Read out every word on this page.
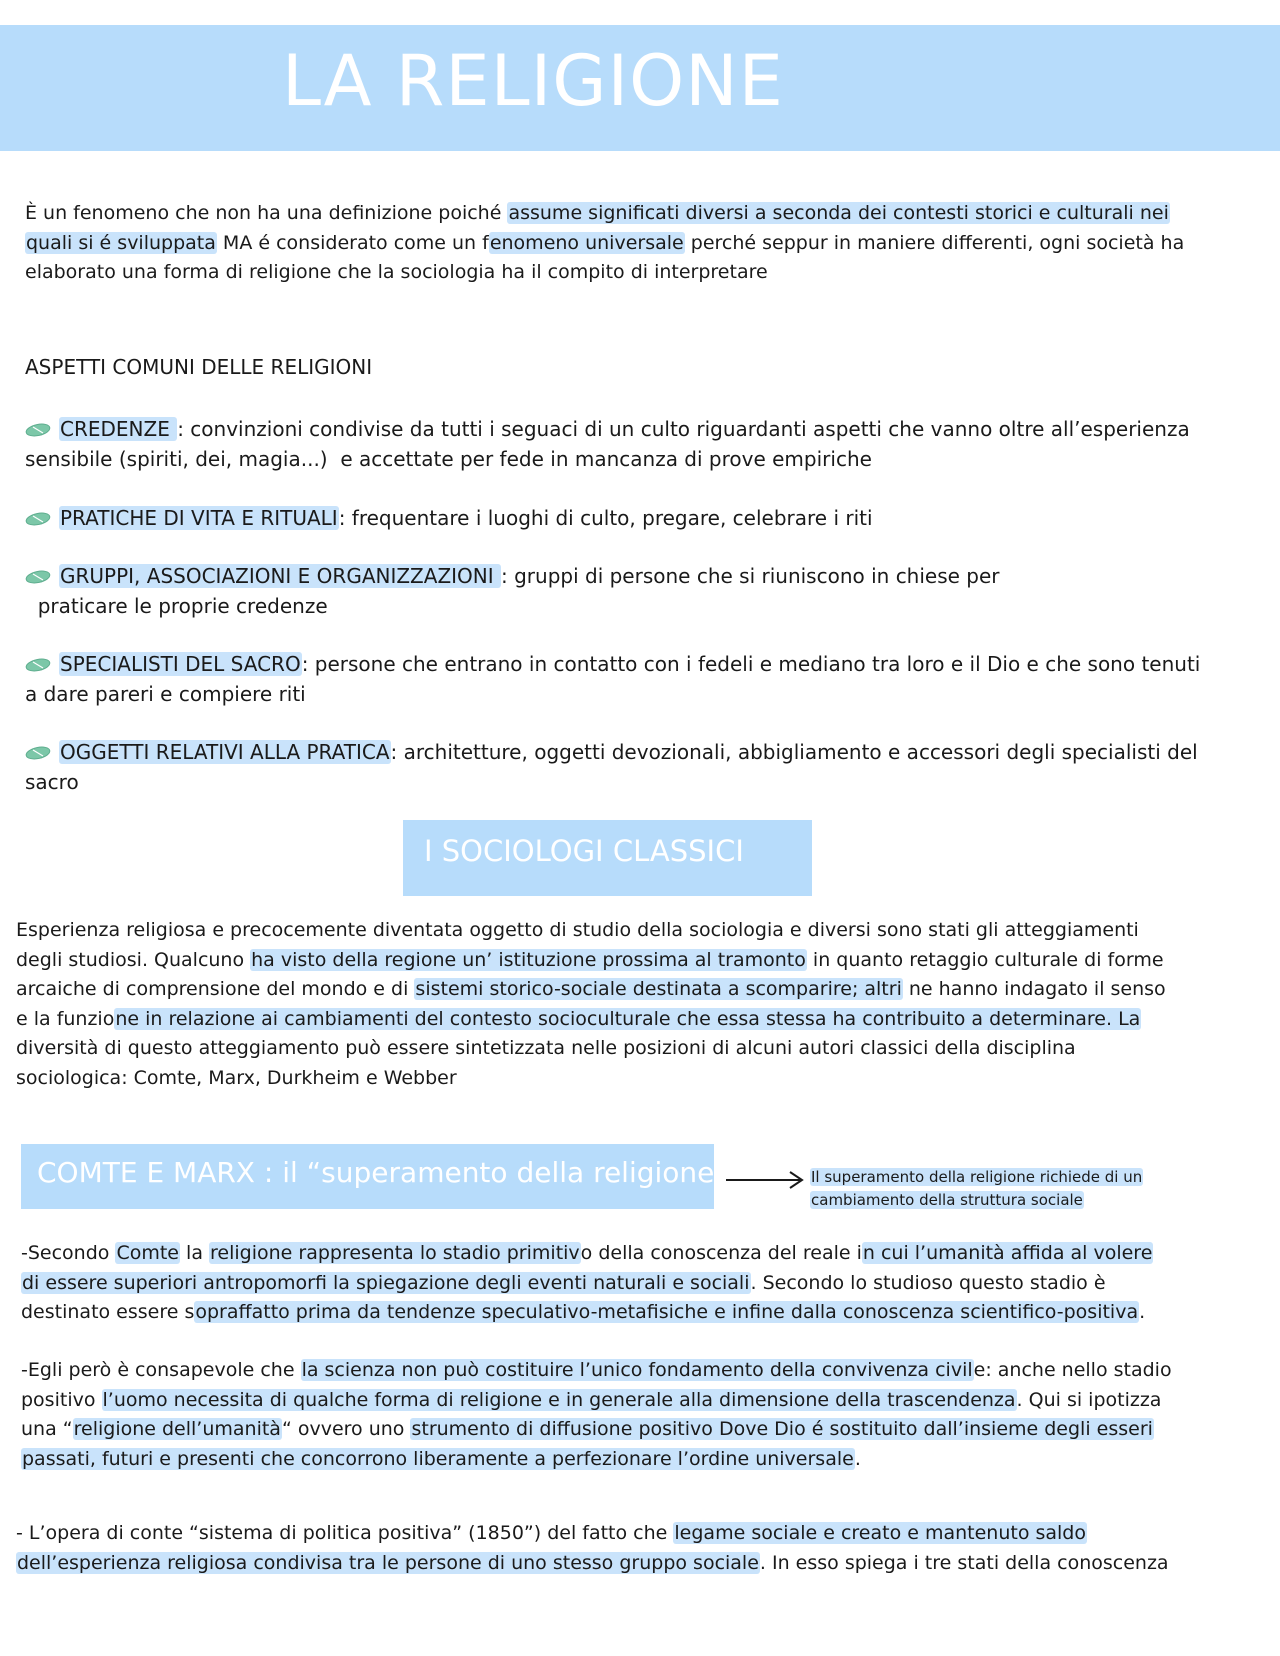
LA RELIGIONE
È un fenomeno che non ha una definizione poiché assume significati diversi a seconda dei contesti storici e culturali nei
quali si é sviluppata MA é considerato come un fenomeno universale perché seppur in maniere differenti, ogni società ha
elaborato una forma di religione che la sociologia ha il compito di interpretare
ASPETTI COMUNI DELLE RELIGIONI
CREDENZE : convinzioni condivise da tutti i seguaci di un culto riguardanti aspetti che vanno oltre all’esperienza
sensibile (spiriti, dei, magia...)  e accettate per fede in mancanza di prove empiriche
PRATICHE DI VITA E RITUALI: frequentare i luoghi di culto, pregare, celebrare i riti
GRUPPI, ASSOCIAZIONI E ORGANIZZAZIONI : gruppi di persone che si riuniscono in chiese per
praticare le proprie credenze
SPECIALISTI DEL SACRO: persone che entrano in contatto con i fedeli e mediano tra loro e il Dio e che sono tenuti
a dare pareri e compiere riti
OGGETTI RELATIVI ALLA PRATICA: architetture, oggetti devozionali, abbigliamento e accessori degli specialisti del
sacro
I SOCIOLOGI CLASSICI
Esperienza religiosa e precocemente diventata oggetto di studio della sociologia e diversi sono stati gli atteggiamenti
degli studiosi. Qualcuno ha visto della regione un’ istituzione prossima al tramonto in quanto retaggio culturale di forme
arcaiche di comprensione del mondo e di sistemi storico-sociale destinata a scomparire; altri ne hanno indagato il senso
e la funzione in relazione ai cambiamenti del contesto socioculturale che essa stessa ha contribuito a determinare. La
diversità di questo atteggiamento può essere sintetizzata nelle posizioni di alcuni autori classici della disciplina
sociologica: Comte, Marx, Durkheim e Webber
COMTE E MARX : il “superamento della religione”	Il superamento della religione richiede di un
cambiamento della struttura sociale
-Secondo Comte la religione rappresenta lo stadio primitivo della conoscenza del reale in cui l’umanità affida al volere
di essere superiori antropomorfi la spiegazione degli eventi naturali e sociali. Secondo lo studioso questo stadio è
destinato essere sopraffatto prima da tendenze speculativo-metafisiche e infine dalla conoscenza scientifico-positiva.
-Egli però è consapevole che la scienza non può costituire l’unico fondamento della convivenza civile: anche nello stadio
positivo l’uomo necessita di qualche forma di religione e in generale alla dimensione della trascendenza. Qui si ipotizza
una “religione dell’umanità“ ovvero uno strumento di diffusione positivo Dove Dio é sostituito dall’insieme degli esseri
passati, futuri e presenti che concorrono liberamente a perfezionare l’ordine universale.
- L’opera di conte “sistema di politica positiva” (1850”) del fatto che legame sociale e creato e mantenuto saldo
dell’esperienza religiosa condivisa tra le persone di uno stesso gruppo sociale. In esso spiega i tre stati della conoscenza
